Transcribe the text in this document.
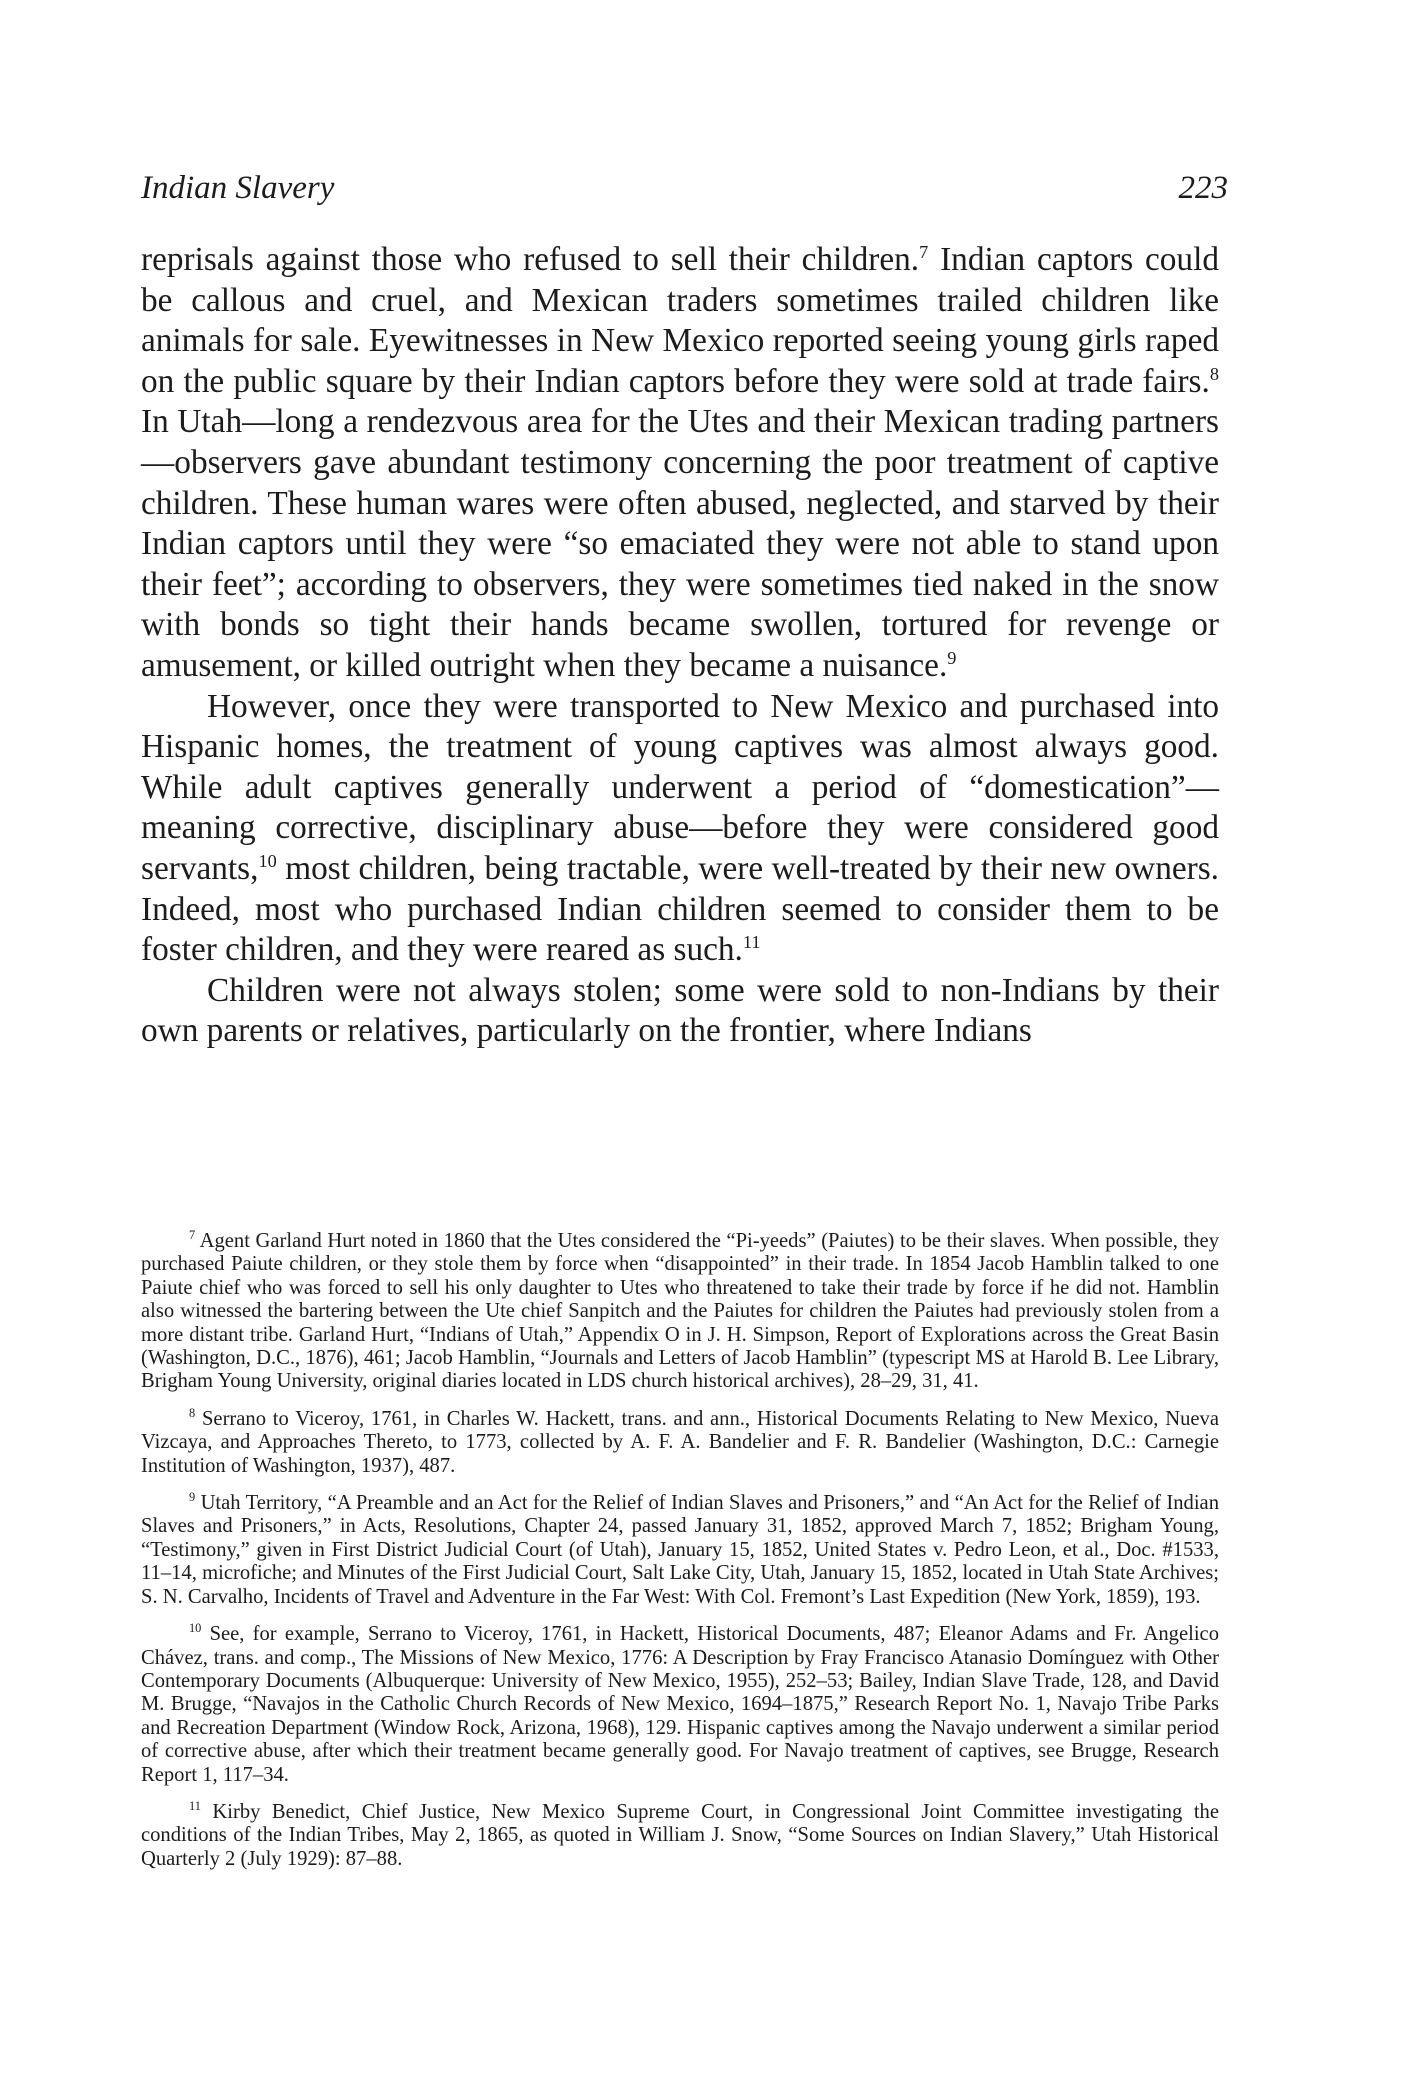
Indian Slavery	223

reprisals against those who refused to sell their children.$^7$ Indian captors could be callous and cruel, and Mexican traders sometimes trailed children like animals for sale. Eyewitnesses in New Mexico reported seeing young girls raped on the public square by their Indian captors before they were sold at trade fairs.$^8$ In Utah—long a rendezvous area for the Utes and their Mexican trading partners—observers gave abundant testimony concerning the poor treatment of captive children. These human wares were often abused, neglected, and starved by their Indian captors until they were “so emaciated they were not able to stand upon their feet”; according to observers, they were sometimes tied naked in the snow with bonds so tight their hands became swollen, tortured for revenge or amusement, or killed outright when they became a nuisance.$^9$

However, once they were transported to New Mexico and purchased into Hispanic homes, the treatment of young captives was almost always good. While adult captives generally underwent a period of “domestication”—meaning corrective, disciplinary abuse—before they were considered good servants,$^{10}$ most children, being tractable, were well-treated by their new owners. Indeed, most who purchased Indian children seemed to consider them to be foster children, and they were reared as such.$^{11}$

Children were not always stolen; some were sold to non-Indians by their own parents or relatives, particularly on the frontier, where Indians

$^7$ Agent Garland Hurt noted in 1860 that the Utes considered the “Pi-yeeds” (Paiutes) to be their slaves. When possible, they purchased Paiute children, or they stole them by force when “disappointed” in their trade. In 1854 Jacob Hamblin talked to one Paiute chief who was forced to sell his only daughter to Utes who threatened to take their trade by force if he did not. Hamblin also witnessed the bartering between the Ute chief Sanpitch and the Paiutes for children the Paiutes had previously stolen from a more distant tribe. Garland Hurt, “Indians of Utah,” Appendix O in J. H. Simpson, Report of Explorations across the Great Basin (Washington, D.C., 1876), 461; Jacob Hamblin, “Journals and Letters of Jacob Hamblin” (typescript MS at Harold B. Lee Library, Brigham Young University, original diaries located in LDS church historical archives), 28–29, 31, 41.

$^8$ Serrano to Viceroy, 1761, in Charles W. Hackett, trans. and ann., Historical Documents Relating to New Mexico, Nueva Vizcaya, and Approaches Thereto, to 1773, collected by A. F. A. Bandelier and F. R. Bandelier (Washington, D.C.: Carnegie Institution of Washington, 1937), 487.

$^9$ Utah Territory, “A Preamble and an Act for the Relief of Indian Slaves and Prisoners,” and “An Act for the Relief of Indian Slaves and Prisoners,” in Acts, Resolutions, Chapter 24, passed January 31, 1852, approved March 7, 1852; Brigham Young, “Testimony,” given in First District Judicial Court (of Utah), January 15, 1852, United States v. Pedro Leon, et al., Doc. #1533, 11–14, microfiche; and Minutes of the First Judicial Court, Salt Lake City, Utah, January 15, 1852, located in Utah State Archives; S. N. Carvalho, Incidents of Travel and Adventure in the Far West: With Col. Fremont’s Last Expedition (New York, 1859), 193.

$^{10}$ See, for example, Serrano to Viceroy, 1761, in Hackett, Historical Documents, 487; Eleanor Adams and Fr. Angelico Chávez, trans. and comp., The Missions of New Mexico, 1776: A Description by Fray Francisco Atanasio Domínguez with Other Contemporary Documents (Albuquerque: University of New Mexico, 1955), 252–53; Bailey, Indian Slave Trade, 128, and David M. Brugge, “Navajos in the Catholic Church Records of New Mexico, 1694–1875,” Research Report No. 1, Navajo Tribe Parks and Recreation Department (Window Rock, Arizona, 1968), 129. Hispanic captives among the Navajo underwent a similar period of corrective abuse, after which their treatment became generally good. For Navajo treatment of captives, see Brugge, Research Report 1, 117–34.

$^{11}$ Kirby Benedict, Chief Justice, New Mexico Supreme Court, in Congressional Joint Committee investigating the conditions of the Indian Tribes, May 2, 1865, as quoted in William J. Snow, “Some Sources on Indian Slavery,” Utah Historical Quarterly 2 (July 1929): 87–88.
